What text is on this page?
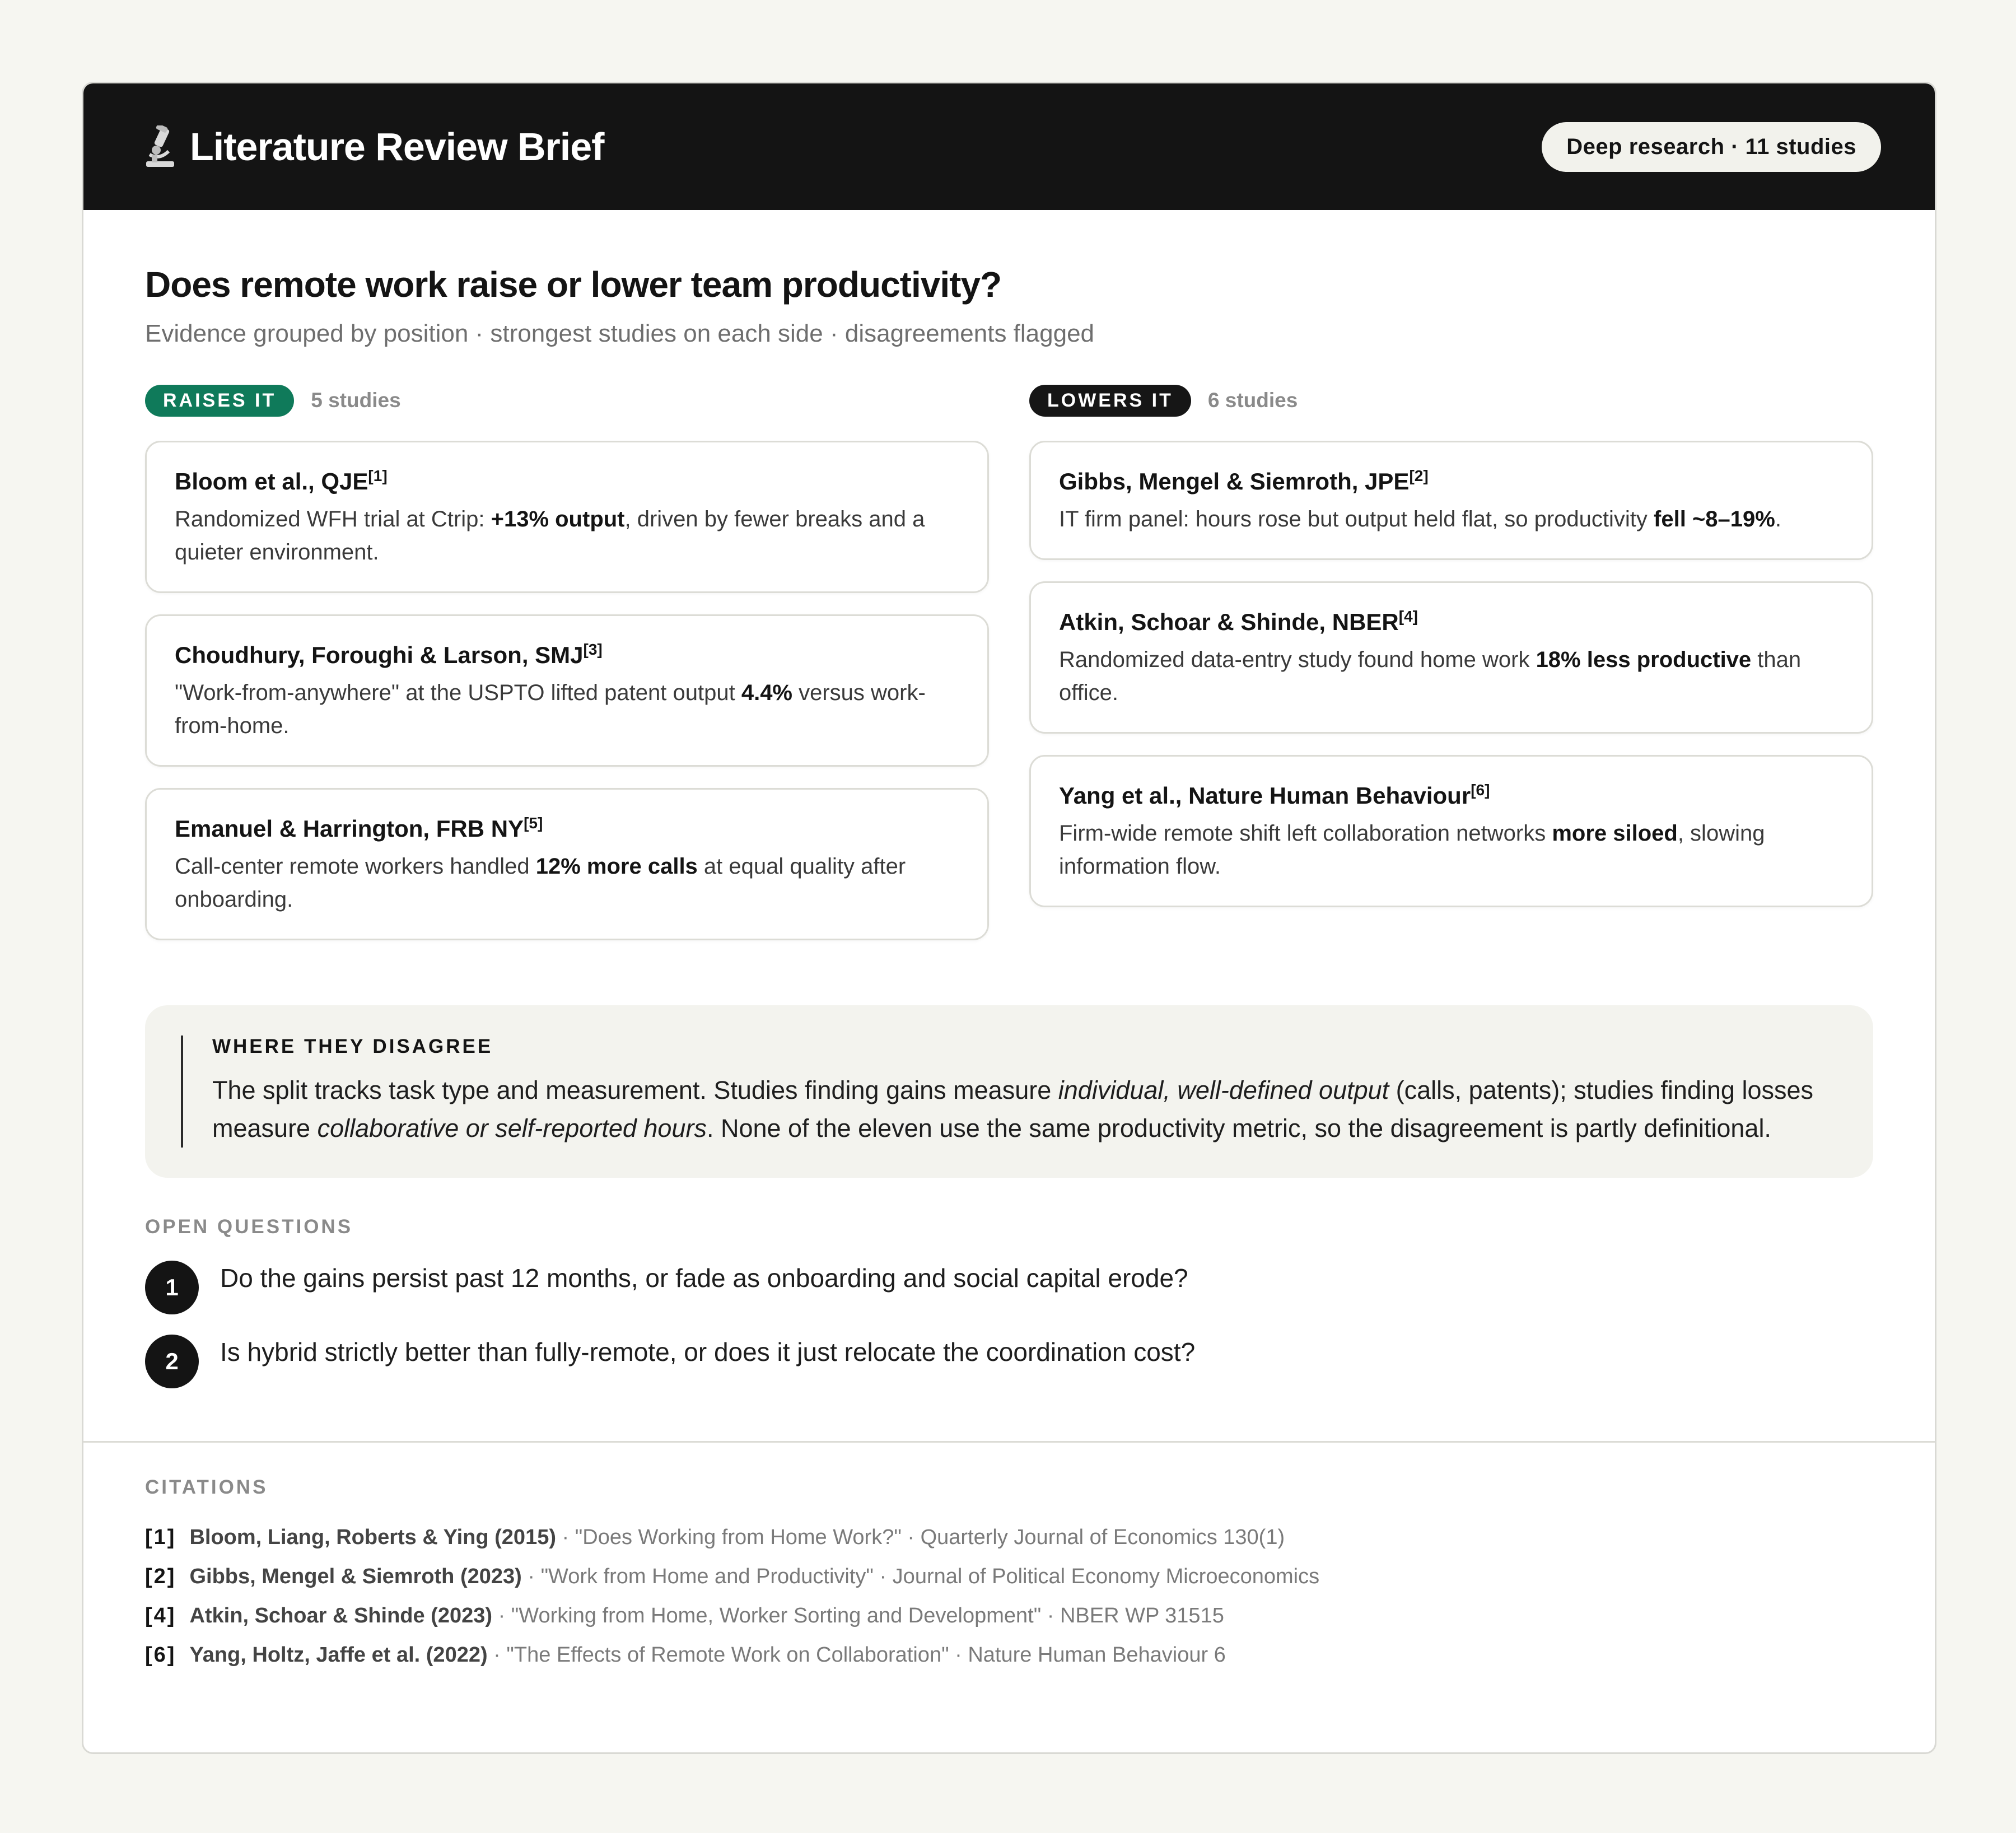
Literature Review Brief	Deep research · 11 studies
Does remote work raise or lower team productivity?

Evidence grouped by position · strongest studies on each side · disagreements flagged

RAISES IT	5 studies
Bloom et al., QJE[1]
Randomized WFH trial at Ctrip: +13% output, driven by fewer breaks and a quieter environment.
Choudhury, Foroughi & Larson, SMJ[3]
"Work-from-anywhere" at the USPTO lifted patent output 4.4% versus work-from-home.
Emanuel & Harrington, FRB NY[5]
Call-center remote workers handled 12% more calls at equal quality after onboarding.
LOWERS IT	6 studies
Gibbs, Mengel & Siemroth, JPE[2]
IT firm panel: hours rose but output held flat, so productivity fell ~8–19%.
Atkin, Schoar & Shinde, NBER[4]
Randomized data-entry study found home work 18% less productive than office.
Yang et al., Nature Human Behaviour[6]
Firm-wide remote shift left collaboration networks more siloed, slowing information flow.
WHERE THEY DISAGREE
The split tracks task type and measurement. Studies finding gains measure individual, well-defined output (calls, patents); studies finding losses measure collaborative or self-reported hours. None of the eleven use the same productivity metric, so the disagreement is partly definitional.
OPEN QUESTIONS
1	Do the gains persist past 12 months, or fade as onboarding and social capital erode?
2	Is hybrid strictly better than fully-remote, or does it just relocate the coordination cost?
CITATIONS
[1] Bloom, Liang, Roberts & Ying (2015) · "Does Working from Home Work?" · Quarterly Journal of Economics 130(1)
[2] Gibbs, Mengel & Siemroth (2023) · "Work from Home and Productivity" · Journal of Political Economy Microeconomics
[4] Atkin, Schoar & Shinde (2023) · "Working from Home, Worker Sorting and Development" · NBER WP 31515
[6] Yang, Holtz, Jaffe et al. (2022) · "The Effects of Remote Work on Collaboration" · Nature Human Behaviour 6
